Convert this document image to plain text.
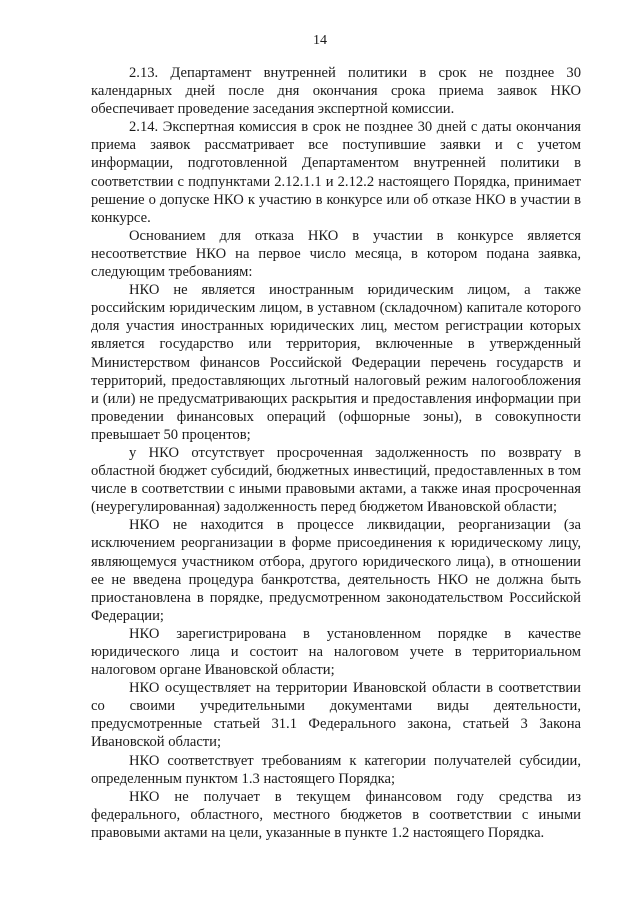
14

2.13. Департамент внутренней политики в срок не позднее 30 календарных дней после дня окончания срока приема заявок НКО обеспечивает проведение заседания экспертной комиссии.

2.14. Экспертная комиссия в срок не позднее 30 дней с даты окончания приема заявок рассматривает все поступившие заявки и с учетом информации, подготовленной Департаментом внутренней политики в соответствии с подпунктами 2.12.1.1 и 2.12.2 настоящего Порядка, принимает решение о допуске НКО к участию в конкурсе или об отказе НКО в участии в конкурсе.

Основанием для отказа НКО в участии в конкурсе является несоответствие НКО на первое число месяца, в котором подана заявка, следующим требованиям:

НКО не является иностранным юридическим лицом, а также российским юридическим лицом, в уставном (складочном) капитале которого доля участия иностранных юридических лиц, местом регистрации которых является государство или территория, включенные в утвержденный Министерством финансов Российской Федерации перечень государств и территорий, предоставляющих льготный налоговый режим налогообложения и (или) не предусматривающих раскрытия и предоставления информации при проведении финансовых операций (офшорные зоны), в совокупности превышает 50 процентов;

у НКО отсутствует просроченная задолженность по возврату в областной бюджет субсидий, бюджетных инвестиций, предоставленных в том числе в соответствии с иными правовыми актами, а также иная просроченная (неурегулированная) задолженность перед бюджетом Ивановской области;

НКО не находится в процессе ликвидации, реорганизации (за исключением реорганизации в форме присоединения к юридическому лицу, являющемуся участником отбора, другого юридического лица), в отношении ее не введена процедура банкротства, деятельность НКО не должна быть приостановлена в порядке, предусмотренном законодательством Российской Федерации;

НКО зарегистрирована в установленном порядке в качестве юридического лица и состоит на налоговом учете в территориальном налоговом органе Ивановской области;

НКО осуществляет на территории Ивановской области в соответствии со своими учредительными документами виды деятельности, предусмотренные статьей 31.1 Федерального закона, статьей 3 Закона Ивановской области;

НКО соответствует требованиям к категории получателей субсидии, определенным пунктом 1.3 настоящего Порядка;

НКО не получает в текущем финансовом году средства из федерального, областного, местного бюджетов в соответствии с иными правовыми актами на цели, указанные в пункте 1.2 настоящего Порядка.
